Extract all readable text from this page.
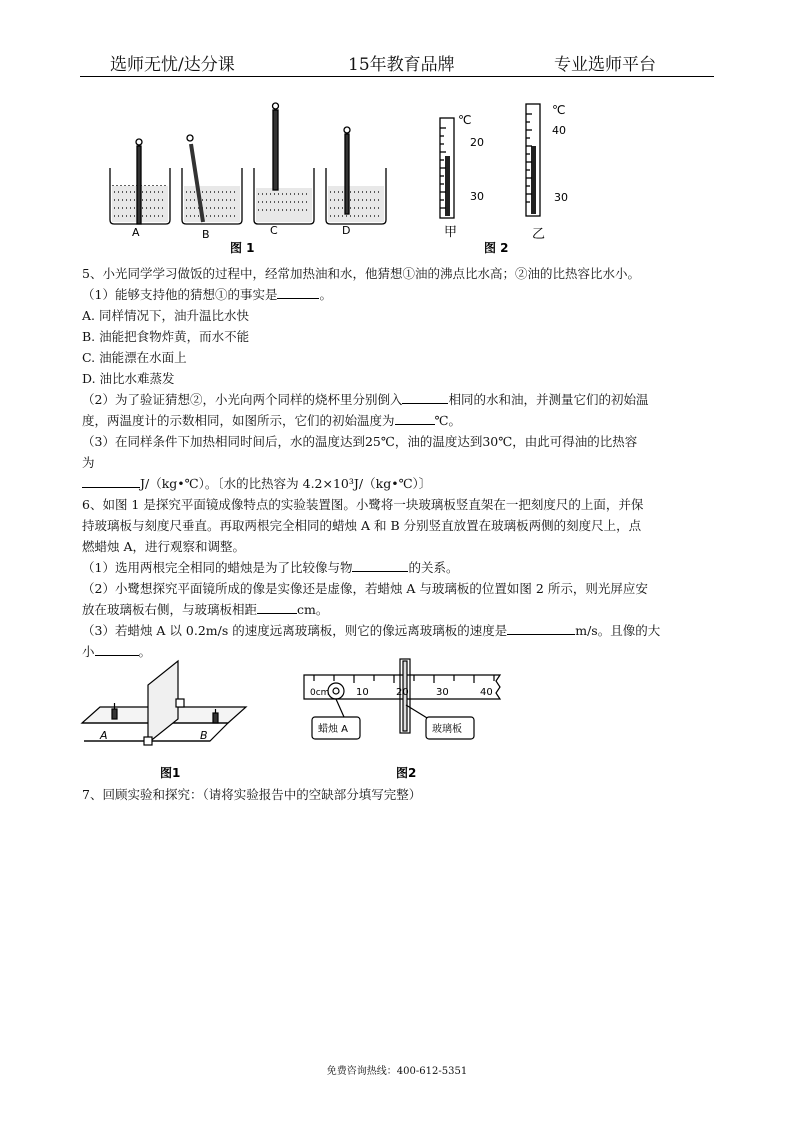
选师无忧/达分课	15年教育品牌	专业选师平台
A	B	C	D
图 1
℃
20
30
甲
℃
40
30
乙
图 2
5、小光同学学习做饭的过程中，经常加热油和水，他猜想①油的沸点比水高；②油的比热容比水小。
（1）能够支持他的猜想①的事实是	。
A. 同样情况下，油升温比水快
B. 油能把食物炸黄，而水不能
C. 油能漂在水面上
D. 油比水难蒸发
（2）为了验证猜想②，小光向两个同样的烧杯里分别倒入	相同的水和油，并测量它们的初始温
度，两温度计的示数相同，如图所示，它们的初始温度为	℃。
（3）在同样条件下加热相同时间后，水的温度达到25℃，油的温度达到30℃，由此可得油的比热容
为
J/（kg•℃）。〔水的比热容为 4.2×10³J/（kg•℃）〕
6、如图 1 是探究平面镜成像特点的实验装置图。小鹭将一块玻璃板竖直架在一把刻度尺的上面，并保
持玻璃板与刻度尺垂直。再取两根完全相同的蜡烛 A 和 B 分别竖直放置在玻璃板两侧的刻度尺上，点
燃蜡烛 A，进行观察和调整。
（1）选用两根完全相同的蜡烛是为了比较像与物	的关系。
（2）小鹭想探究平面镜所成的像是实像还是虚像，若蜡烛 A 与玻璃板的位置如图 2 所示，则光屏应安
放在玻璃板右侧，与玻璃板相距	cm。
（3）若蜡烛 A 以 0.2m/s 的速度远离玻璃板，则它的像远离玻璃板的速度是	m/s。且像的大
小	。
A	B
图1
0cm	10	20	30	40
蜡烛 A	玻璃板
图2
7、回顾实验和探究：（请将实验报告中的空缺部分填写完整）
免费咨询热线：400-612-5351
